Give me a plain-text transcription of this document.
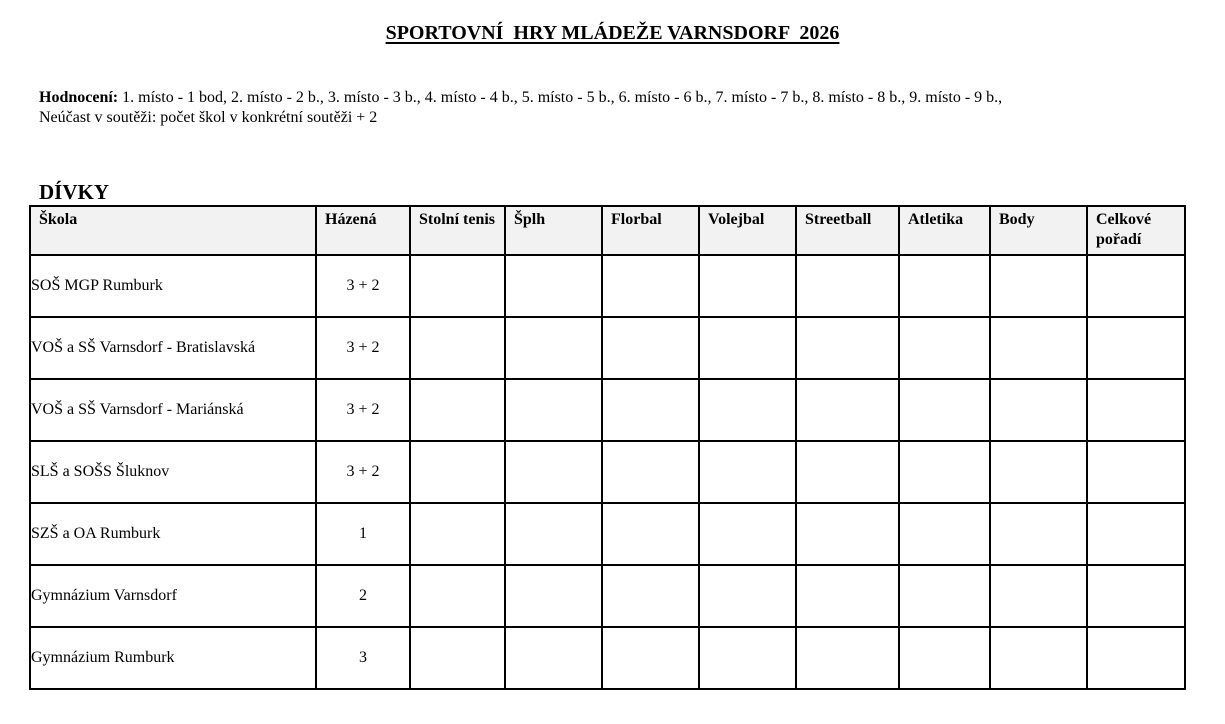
SPORTOVNÍ  HRY MLÁDEŽE VARNSDORF  2026
Hodnocení: 1. místo - 1 bod, 2. místo - 2 b., 3. místo - 3 b., 4. místo - 4 b., 5. místo - 5 b., 6. místo - 6 b., 7. místo - 7 b., 8. místo - 8 b., 9. místo - 9 b.,
Neúčast v soutěži: počet škol v konkrétní soutěži + 2
DÍVKY
Škola	Házená	Stolní tenis	Šplh	Florbal	Volejbal	Streetball	Atletika	Body	Celkové pořadí
SOŠ MGP Rumburk	3 + 2								
VOŠ a SŠ Varnsdorf - Bratislavská	3 + 2								
VOŠ a SŠ Varnsdorf - Mariánská	3 + 2								
SLŠ a SOŠS Šluknov	3 + 2								
SZŠ a OA Rumburk	1								
Gymnázium Varnsdorf	2								
Gymnázium Rumburk	3								
